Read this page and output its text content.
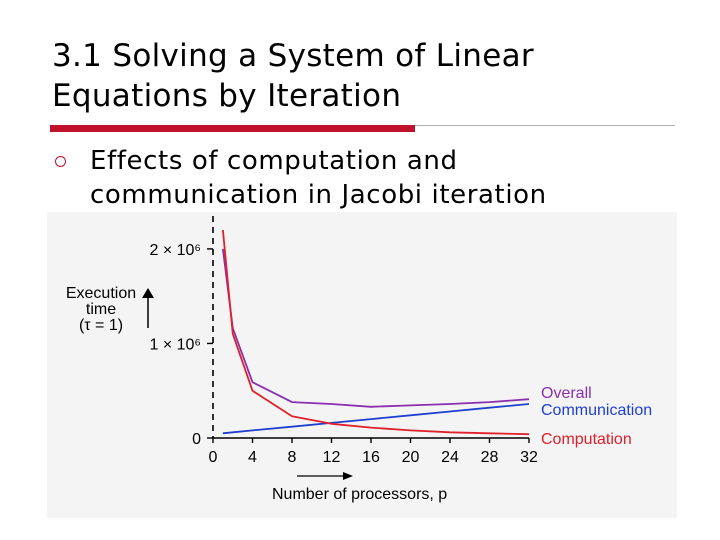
3.1 Solving a System of Linear Equations by Iteration
Effects of computation and communication in Jacobi iteration
Execution
time
(τ = 1)
2 × 10⁶
1 × 10⁶
0
0 4 8 12 16 20 24 28 32
Overall
Communication
Computation
Number of processors, p
